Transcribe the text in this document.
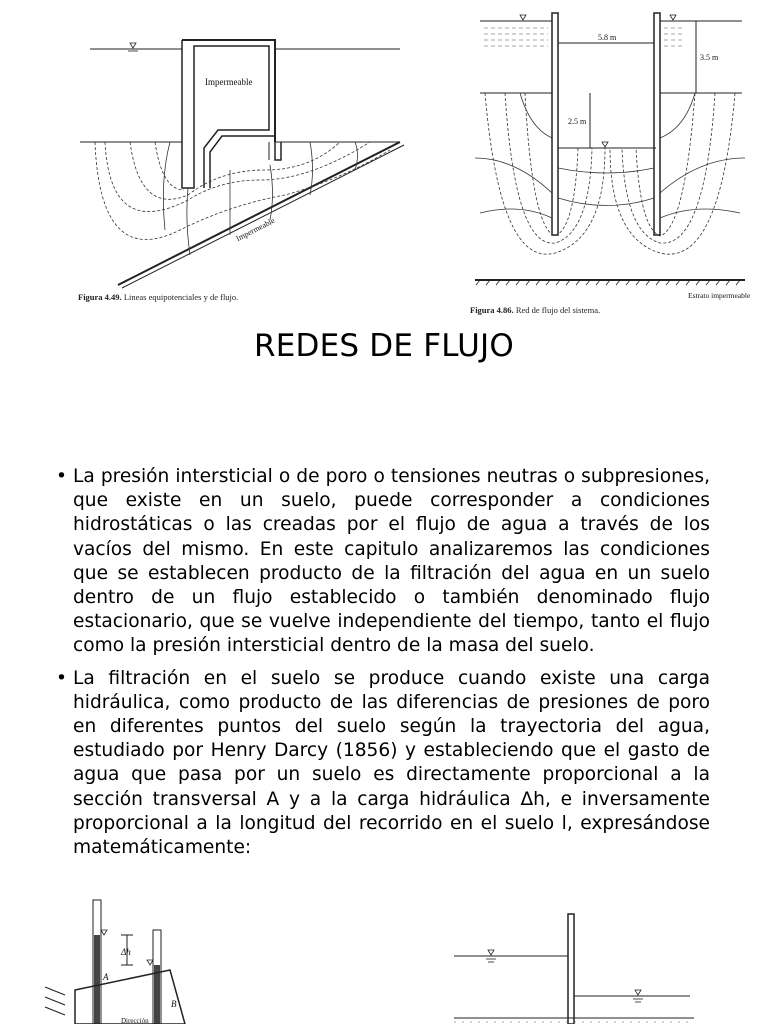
Impermeable
Impermeable
Figura 4.49. Lineas equipotenciales y de flujo.
5.8 m
3.5 m
2.5 m
Estrato impermeable
Figura 4.86. Red de flujo del sistema.
REDES DE FLUJO
• La presión intersticial o de poro o tensiones neutras o subpresiones, que existe en un suelo, puede corresponder a condiciones hidrostáticas o las creadas por el flujo de agua a través de los vacíos del mismo. En este capitulo analizaremos las condiciones que se establecen producto de la filtración del agua en un suelo dentro de un flujo establecido o también denominado flujo estacionario, que se vuelve independiente del tiempo, tanto el flujo como la presión intersticial dentro de la masa del suelo.
• La filtración en el suelo se produce cuando existe una carga hidráulica, como producto de las diferencias de presiones de poro en diferentes puntos del suelo según la trayectoria del agua, estudiado por Henry Darcy (1856) y estableciendo que el gasto de agua que pasa por un suelo es directamente proporcional a la sección transversal A y a la carga hidráulica Δh, e inversamente proporcional a la longitud del recorrido en el suelo l, expresándose matemáticamente:
Δh
A
B
Dirección
